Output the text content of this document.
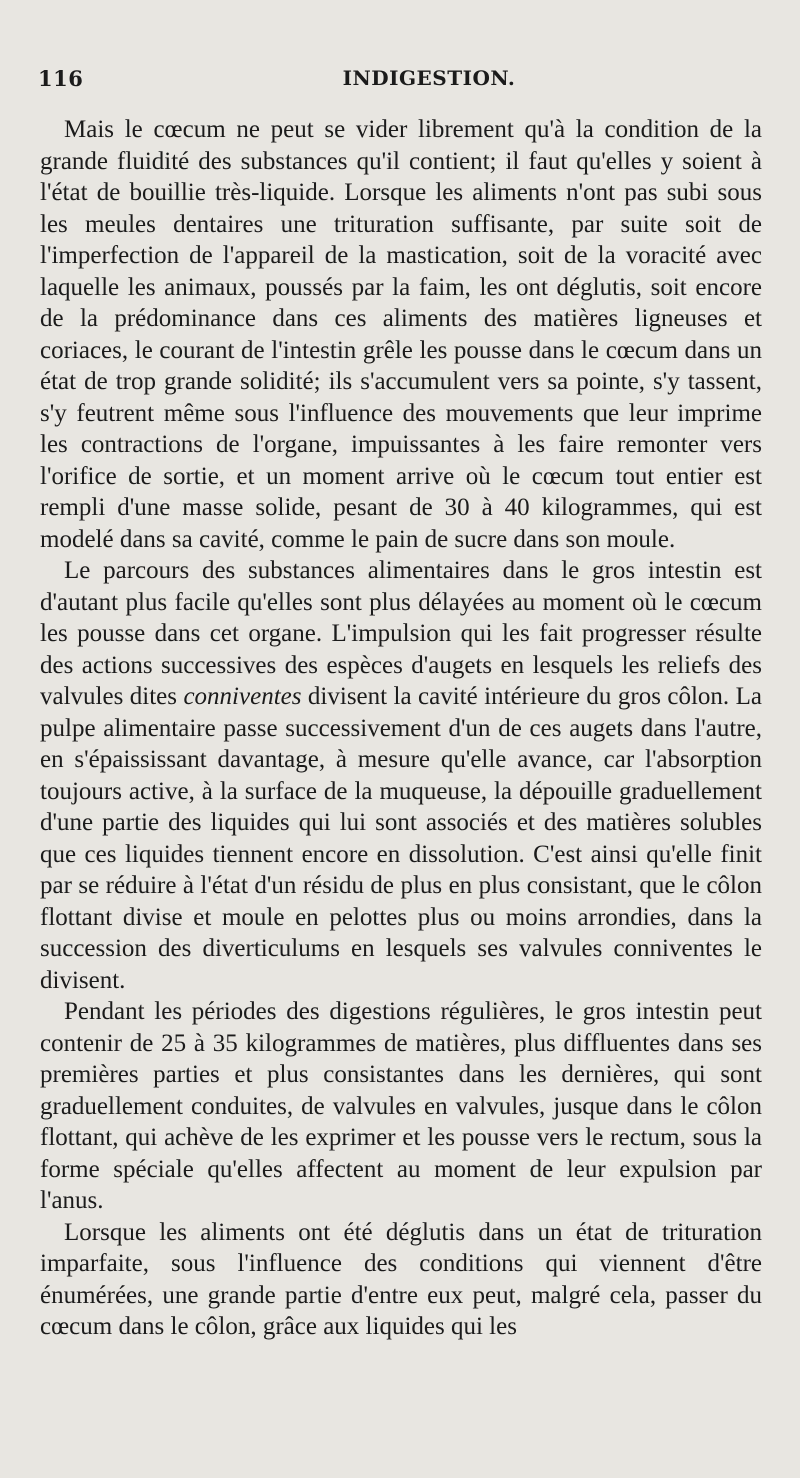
116	INDIGESTION.

Mais le cœcum ne peut se vider librement qu'à la condition de la grande fluidité des substances qu'il contient; il faut qu'elles y soient à l'état de bouillie très-liquide. Lorsque les aliments n'ont pas subi sous les meules dentaires une trituration suffisante, par suite soit de l'imperfection de l'appareil de la mastication, soit de la voracité avec laquelle les animaux, poussés par la faim, les ont déglutis, soit encore de la prédominance dans ces aliments des matières ligneuses et coriaces, le courant de l'intestin grêle les pousse dans le cœcum dans un état de trop grande solidité; ils s'accumulent vers sa pointe, s'y tassent, s'y feutrent même sous l'influence des mouvements que leur imprime les contractions de l'organe, impuissantes à les faire remonter vers l'orifice de sortie, et un moment arrive où le cœcum tout entier est rempli d'une masse solide, pesant de 30 à 40 kilogrammes, qui est modelé dans sa cavité, comme le pain de sucre dans son moule.

Le parcours des substances alimentaires dans le gros intestin est d'autant plus facile qu'elles sont plus délayées au moment où le cœcum les pousse dans cet organe. L'impulsion qui les fait progresser résulte des actions successives des espèces d'augets en lesquels les reliefs des valvules dites conniventes divisent la cavité intérieure du gros côlon. La pulpe alimentaire passe successivement d'un de ces augets dans l'autre, en s'épaississant davantage, à mesure qu'elle avance, car l'absorption toujours active, à la surface de la muqueuse, la dépouille graduellement d'une partie des liquides qui lui sont associés et des matières solubles que ces liquides tiennent encore en dissolution. C'est ainsi qu'elle finit par se réduire à l'état d'un résidu de plus en plus consistant, que le côlon flottant divise et moule en pelottes plus ou moins arrondies, dans la succession des diverticulums en lesquels ses valvules conniventes le divisent.

Pendant les périodes des digestions régulières, le gros intestin peut contenir de 25 à 35 kilogrammes de matières, plus diffluentes dans ses premières parties et plus consistantes dans les dernières, qui sont graduellement conduites, de valvules en valvules, jusque dans le côlon flottant, qui achève de les exprimer et les pousse vers le rectum, sous la forme spéciale qu'elles affectent au moment de leur expulsion par l'anus.

Lorsque les aliments ont été déglutis dans un état de trituration imparfaite, sous l'influence des conditions qui viennent d'être énumérées, une grande partie d'entre eux peut, malgré cela, passer du cœcum dans le côlon, grâce aux liquides qui les
